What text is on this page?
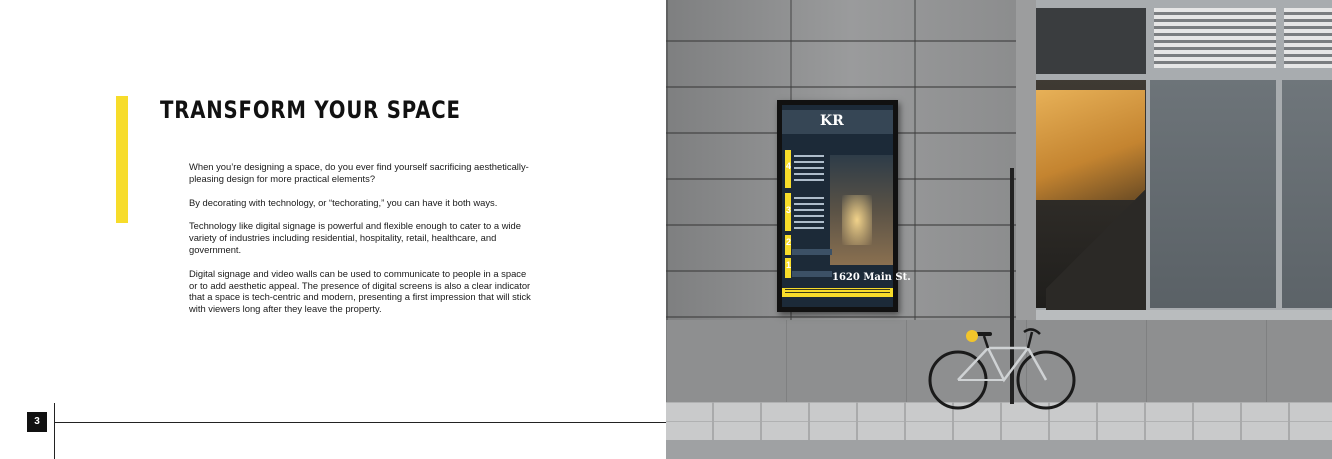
TRANSFORM YOUR SPACE

When you’re designing a space, do you ever find yourself sacrificing aesthetically-pleasing design for more practical elements?

By decorating with technology, or “techorating,” you can have it both ways.

Technology like digital signage is powerful and flexible enough to cater to a wide variety of industries including residential, hospitality, retail, healthcare, and government.

Digital signage and video walls can be used to communicate to people in a space or to add aesthetic appeal. The presence of digital screens is also a clear indicator that a space is tech-centric and modern, presenting a first impression that will stick with viewers long after they leave the property.

3
KR
4
3
2
1
1620 Main St.
